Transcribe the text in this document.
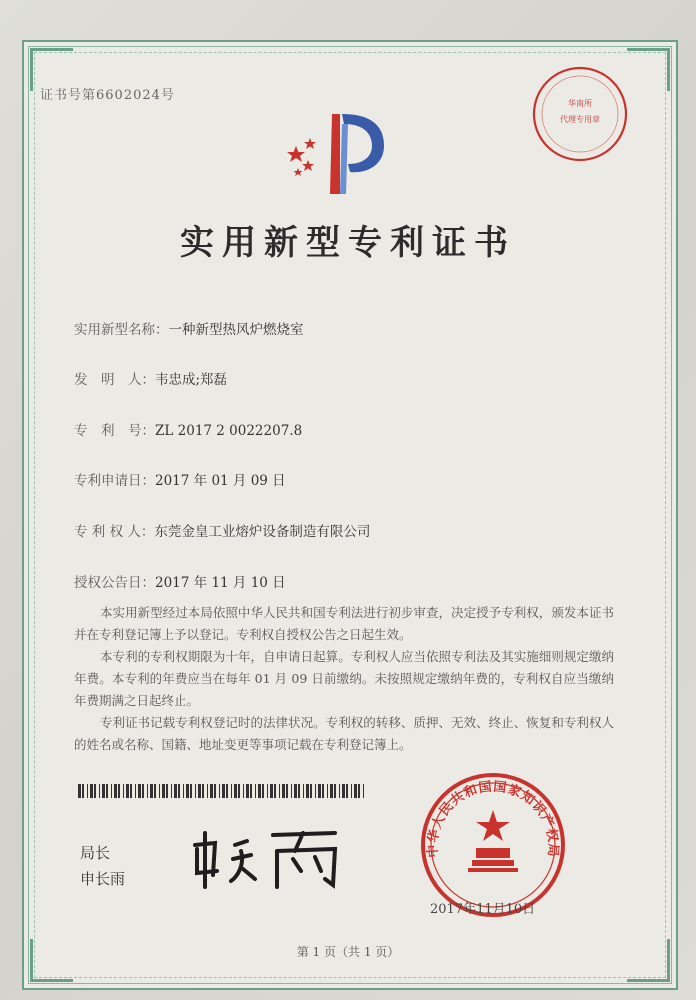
证书号第6602024号
华南所
代理专用章
实用新型专利证书
实用新型名称：一种新型热风炉燃烧室
发　明　人：韦忠成;郑磊
专　利　号：ZL 2017 2 0022207.8
专利申请日：2017 年 01 月 09 日
专 利 权 人：东莞金皇工业熔炉设备制造有限公司
授权公告日：2017 年 11 月 10 日

本实用新型经过本局依照中华人民共和国专利法进行初步审查，决定授予专利权，颁发本证书并在专利登记簿上予以登记。专利权自授权公告之日起生效。

本专利的专利权期限为十年，自申请日起算。专利权人应当依照专利法及其实施细则规定缴纳年费。本专利的年费应当在每年 01 月 09 日前缴纳。未按照规定缴纳年费的，专利权自应当缴纳年费期满之日起终止。

专利证书记载专利权登记时的法律状况。专利权的转移、质押、无效、终止、恢复和专利权人的姓名或名称、国籍、地址变更等事项记载在专利登记簿上。

局长
申长雨
中华人民共和国国家知识产权局
2017年11月10日
第 1 页（共 1 页）
